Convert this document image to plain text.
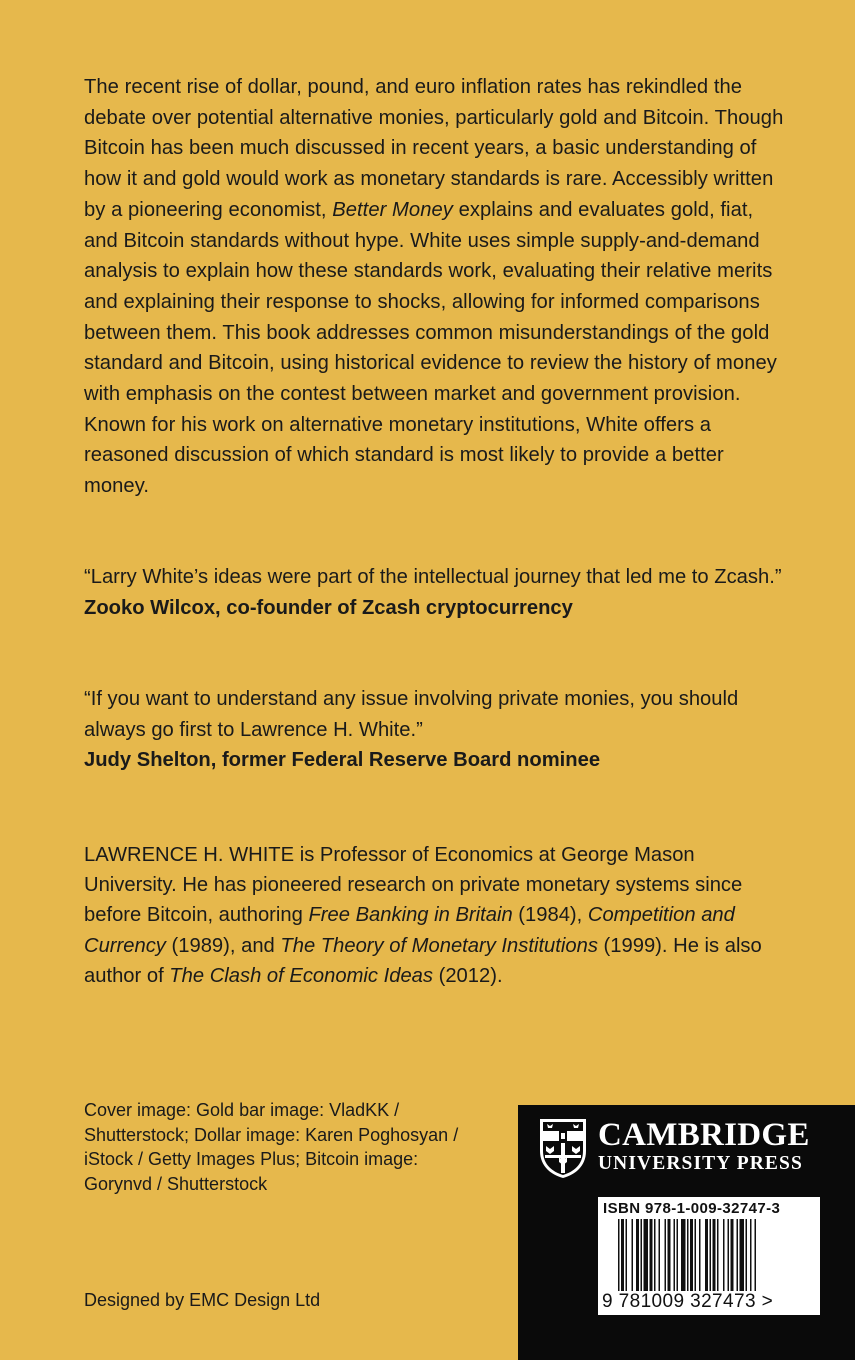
The recent rise of dollar, pound, and euro inflation rates has rekindled the debate over potential alternative monies, particularly gold and Bitcoin. Though Bitcoin has been much discussed in recent years, a basic understanding of how it and gold would work as monetary standards is rare. Accessibly written by a pioneering economist, Better Money explains and evaluates gold, fiat, and Bitcoin standards without hype. White uses simple supply-and-demand analysis to explain how these standards work, evaluating their relative merits and explaining their response to shocks, allowing for informed comparisons between them. This book addresses common misunderstandings of the gold standard and Bitcoin, using historical evidence to review the history of money with emphasis on the contest between market and government provision. Known for his work on alternative monetary institutions, White offers a reasoned discussion of which standard is most likely to provide a better money.

“Larry White’s ideas were part of the intellectual journey that led me to Zcash.”

Zooko Wilcox, co-founder of Zcash cryptocurrency

“If you want to understand any issue involving private monies, you should always go first to Lawrence H. White.”

Judy Shelton, former Federal Reserve Board nominee

LAWRENCE H. WHITE is Professor of Economics at George Mason University. He has pioneered research on private monetary systems since before Bitcoin, authoring Free Banking in Britain (1984), Competition and Currency (1989), and The Theory of Monetary Institutions (1999). He is also author of The Clash of Economic Ideas (2012).

Cover image: Gold bar image: VladKK / Shutterstock; Dollar image: Karen Poghosyan / iStock / Getty Images Plus; Bitcoin image: Gorynvd / Shutterstock
Designed by EMC Design Ltd
CAMBRIDGE
UNIVERSITY PRESS
ISBN 978-1-009-32747-3
9 781009 327473 >
